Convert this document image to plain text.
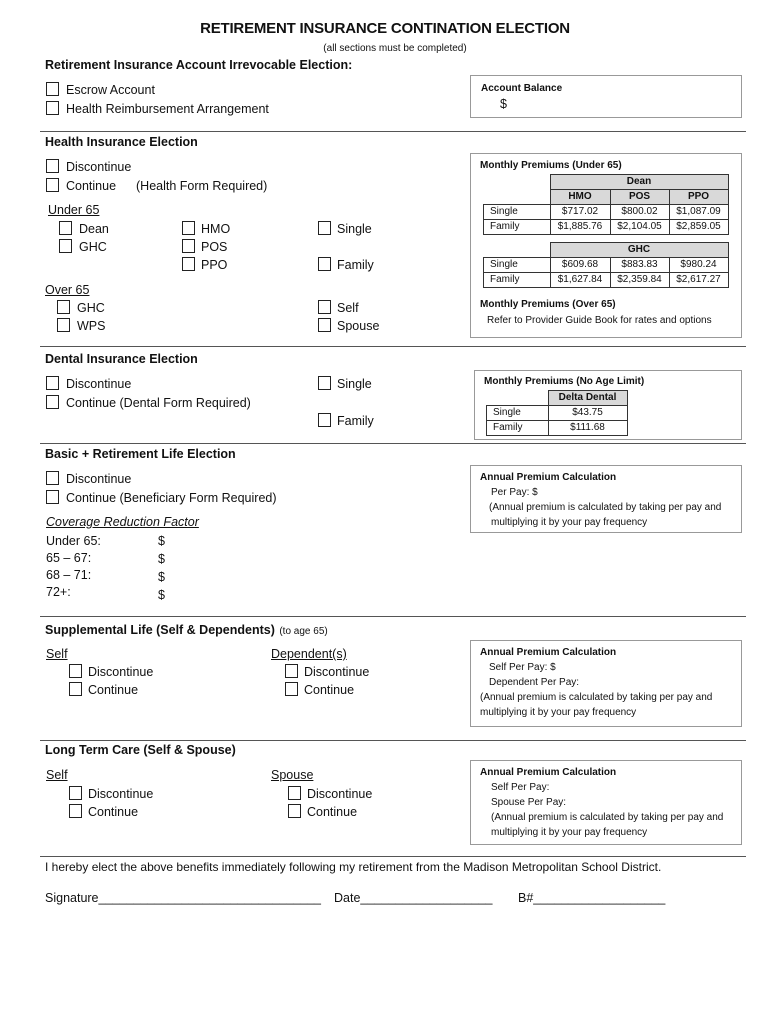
RETIREMENT INSURANCE CONTINATION ELECTION
(all sections must be completed)
Retirement Insurance Account Irrevocable Election:
Escrow Account
Health Reimbursement Arrangement
Account Balance
$
Health Insurance Election
Discontinue
Continue (Health Form Required)
Under 65
Dean
GHC
HMO
POS
PPO
Single
Family
Over 65
GHC
WPS
Self
Spouse
Monthly Premiums (Under 65)
	Dean		
	HMO	POS	PPO
Single	$717.02	$800.02	$1,087.09
Family	$1,885.76	$2,104.05	$2,859.05
	GHC		
Single	$609.68	$883.83	$980.24
Family	$1,627.84	$2,359.84	$2,617.27
Monthly Premiums (Over 65)
Refer to Provider Guide Book for rates and options
Dental Insurance Election
Discontinue
Continue (Dental Form Required)
Single
Family
Monthly Premiums (No Age Limit)
	Delta Dental
Single	$43.75
Family	$111.68
Basic + Retirement Life Election
Discontinue
Continue (Beneficiary Form Required)
Coverage Reduction Factor
Under 65:	$
65 – 67:	$
68 – 71:	$
72+:	$
Annual Premium Calculation
Per Pay: $
(Annual premium is calculated by taking per pay and
multiplying it by your pay frequency
Supplemental Life (Self & Dependents) (to age 65)
Self
Discontinue
Continue
Dependent(s)
Discontinue
Continue
Annual Premium Calculation
Self Per Pay: $
Dependent Per Pay:
(Annual premium is calculated by taking per pay and
multiplying it by your pay frequency
Long Term Care (Self & Spouse)
Self
Discontinue
Continue
Spouse
Discontinue
Continue
Annual Premium Calculation
Self Per Pay:
Spouse Per Pay:
(Annual premium is calculated by taking per pay and
multiplying it by your pay frequency
I hereby elect the above benefits immediately following my retirement from the Madison Metropolitan School District.
Signature________________________________ Date___________________ B#___________________
